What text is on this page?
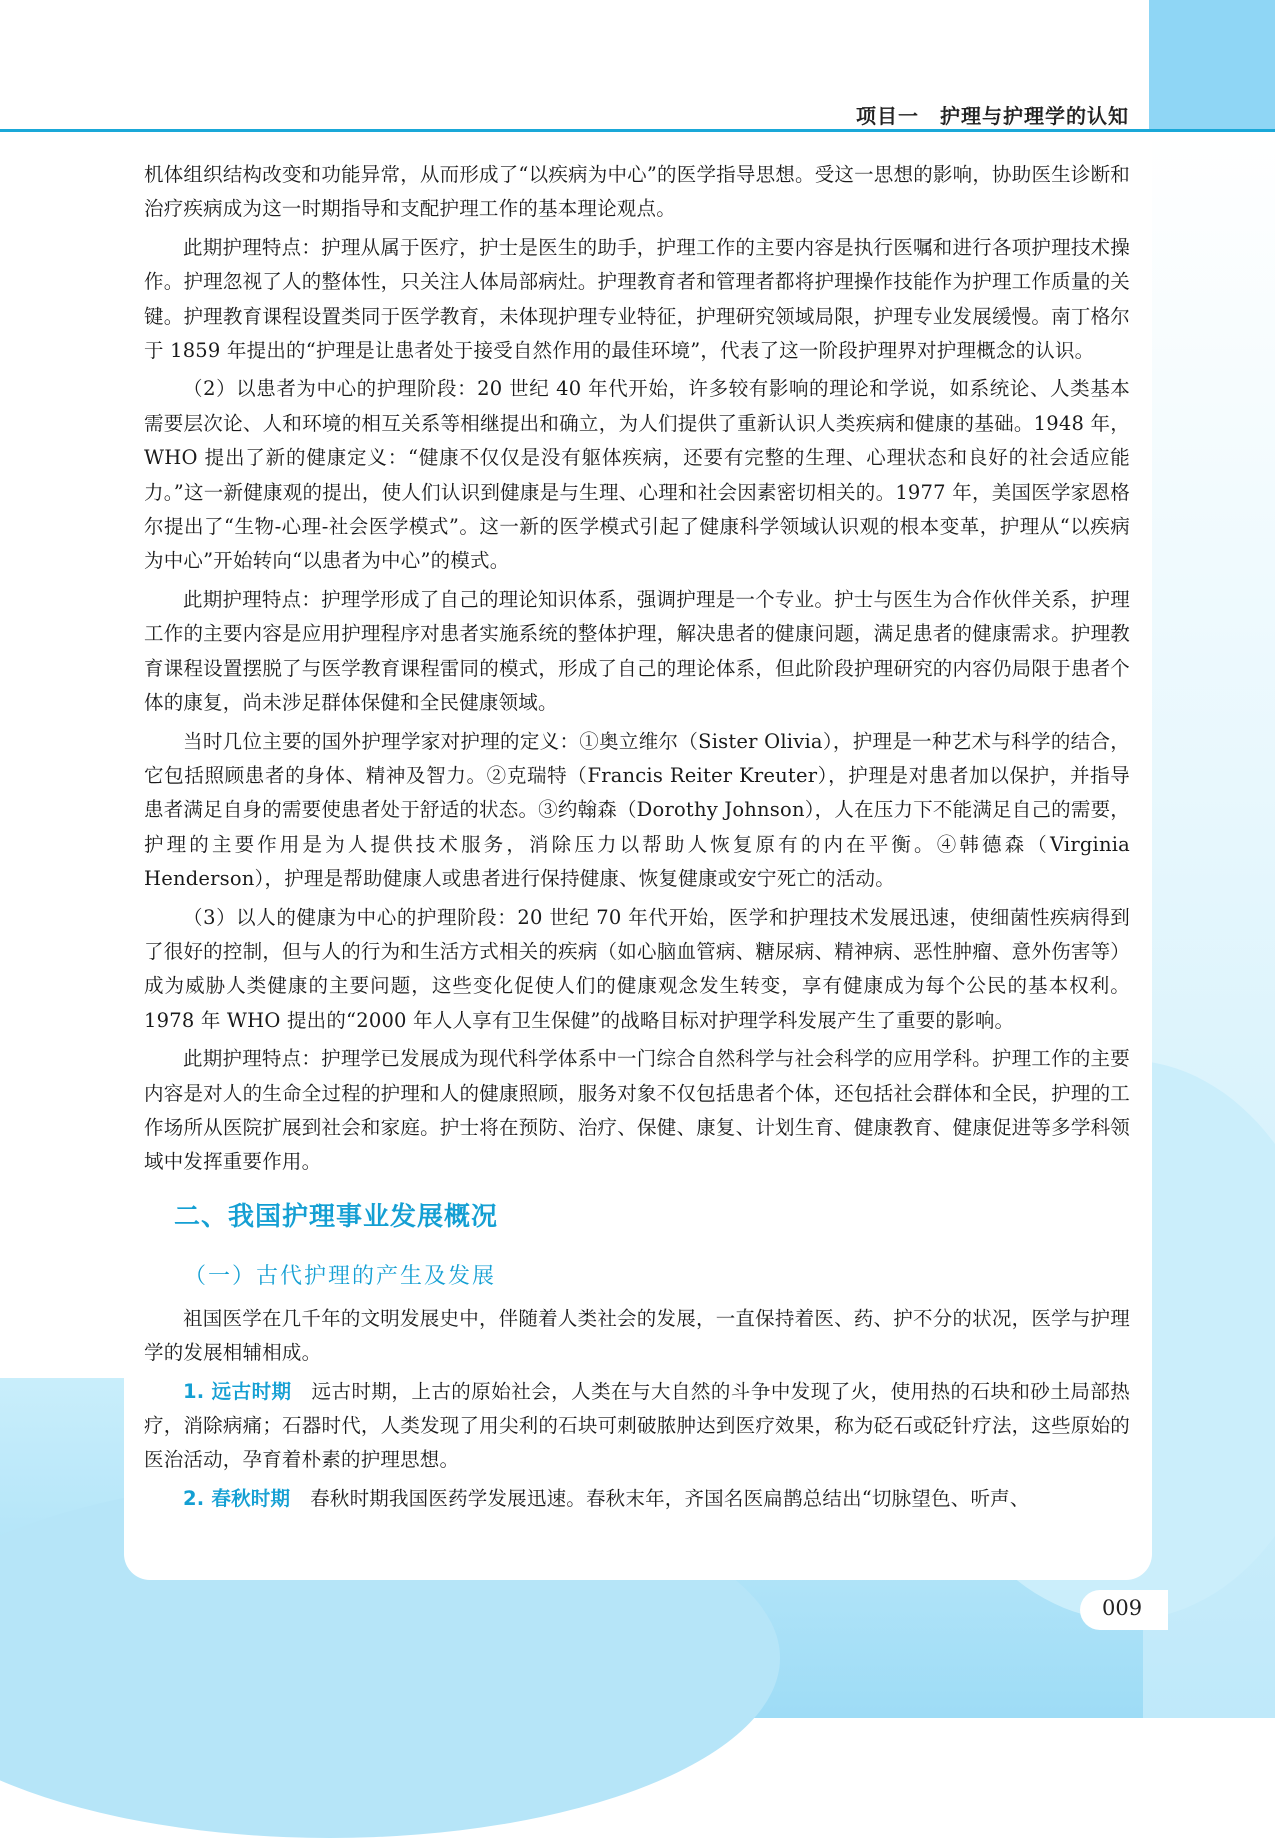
项目一　护理与护理学的认知

机体组织结构改变和功能异常，从而形成了“以疾病为中心”的医学指导思想。受这一思想的影响，协助医生诊断和治疗疾病成为这一时期指导和支配护理工作的基本理论观点。

此期护理特点：护理从属于医疗，护士是医生的助手，护理工作的主要内容是执行医嘱和进行各项护理技术操作。护理忽视了人的整体性，只关注人体局部病灶。护理教育者和管理者都将护理操作技能作为护理工作质量的关键。护理教育课程设置类同于医学教育，未体现护理专业特征，护理研究领域局限，护理专业发展缓慢。南丁格尔于 1859 年提出的“护理是让患者处于接受自然作用的最佳环境”，代表了这一阶段护理界对护理概念的认识。

（2）以患者为中心的护理阶段：20 世纪 40 年代开始，许多较有影响的理论和学说，如系统论、人类基本需要层次论、人和环境的相互关系等相继提出和确立，为人们提供了重新认识人类疾病和健康的基础。1948 年，WHO 提出了新的健康定义：“健康不仅仅是没有躯体疾病，还要有完整的生理、心理状态和良好的社会适应能力。”这一新健康观的提出，使人们认识到健康是与生理、心理和社会因素密切相关的。1977 年，美国医学家恩格尔提出了“生物-心理-社会医学模式”。这一新的医学模式引起了健康科学领域认识观的根本变革，护理从“以疾病为中心”开始转向“以患者为中心”的模式。

此期护理特点：护理学形成了自己的理论知识体系，强调护理是一个专业。护士与医生为合作伙伴关系，护理工作的主要内容是应用护理程序对患者实施系统的整体护理，解决患者的健康问题，满足患者的健康需求。护理教育课程设置摆脱了与医学教育课程雷同的模式，形成了自己的理论体系，但此阶段护理研究的内容仍局限于患者个体的康复，尚未涉足群体保健和全民健康领域。

当时几位主要的国外护理学家对护理的定义：①奥立维尔（Sister Olivia），护理是一种艺术与科学的结合，它包括照顾患者的身体、精神及智力。②克瑞特（Francis Reiter Kreuter），护理是对患者加以保护，并指导患者满足自身的需要使患者处于舒适的状态。③约翰森（Dorothy Johnson），人在压力下不能满足自己的需要，护理的主要作用是为人提供技术服务，消除压力以帮助人恢复原有的内在平衡。④韩德森（Virginia Henderson），护理是帮助健康人或患者进行保持健康、恢复健康或安宁死亡的活动。

（3）以人的健康为中心的护理阶段：20 世纪 70 年代开始，医学和护理技术发展迅速，使细菌性疾病得到了很好的控制，但与人的行为和生活方式相关的疾病（如心脑血管病、糖尿病、精神病、恶性肿瘤、意外伤害等）成为威胁人类健康的主要问题，这些变化促使人们的健康观念发生转变，享有健康成为每个公民的基本权利。1978 年 WHO 提出的“2000 年人人享有卫生保健”的战略目标对护理学科发展产生了重要的影响。

此期护理特点：护理学已发展成为现代科学体系中一门综合自然科学与社会科学的应用学科。护理工作的主要内容是对人的生命全过程的护理和人的健康照顾，服务对象不仅包括患者个体，还包括社会群体和全民，护理的工作场所从医院扩展到社会和家庭。护士将在预防、治疗、保健、康复、计划生育、健康教育、健康促进等多学科领域中发挥重要作用。

二、我国护理事业发展概况
（一）古代护理的产生及发展

祖国医学在几千年的文明发展史中，伴随着人类社会的发展，一直保持着医、药、护不分的状况，医学与护理学的发展相辅相成。

1. 远古时期 远古时期，上古的原始社会，人类在与大自然的斗争中发现了火，使用热的石块和砂土局部热疗，消除病痛；石器时代，人类发现了用尖利的石块可刺破脓肿达到医疗效果，称为砭石或砭针疗法，这些原始的医治活动，孕育着朴素的护理思想。

2. 春秋时期 春秋时期我国医药学发展迅速。春秋末年，齐国名医扁鹊总结出“切脉望色、听声、

009
